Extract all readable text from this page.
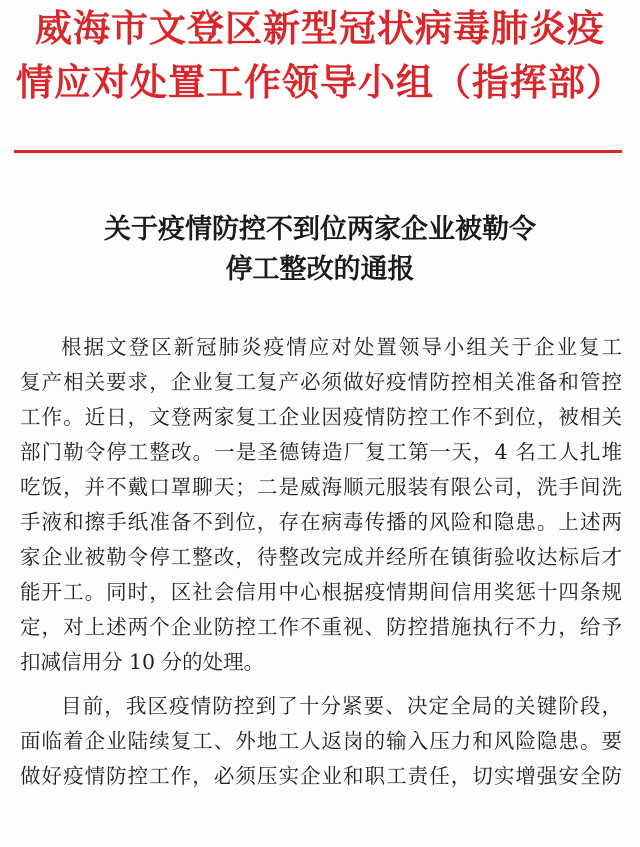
威海市文登区新型冠状病毒肺炎疫
情应对处置工作领导小组（指挥部）
关于疫情防控不到位两家企业被勒令
停工整改的通报
根据文登区新冠肺炎疫情应对处置领导小组关于企业复工
复产相关要求，企业复工复产必须做好疫情防控相关准备和管控
工作。近日，文登两家复工企业因疫情防控工作不到位，被相关
部门勒令停工整改。一是圣德铸造厂复工第一天，4 名工人扎堆
吃饭，并不戴口罩聊天；二是威海顺元服装有限公司，洗手间洗
手液和擦手纸准备不到位，存在病毒传播的风险和隐患。上述两
家企业被勒令停工整改，待整改完成并经所在镇街验收达标后才
能开工。同时，区社会信用中心根据疫情期间信用奖惩十四条规
定，对上述两个企业防控工作不重视、防控措施执行不力，给予
扣减信用分 10 分的处理。
目前，我区疫情防控到了十分紧要、决定全局的关键阶段，
面临着企业陆续复工、外地工人返岗的输入压力和风险隐患。要
做好疫情防控工作，必须压实企业和职工责任，切实增强安全防
